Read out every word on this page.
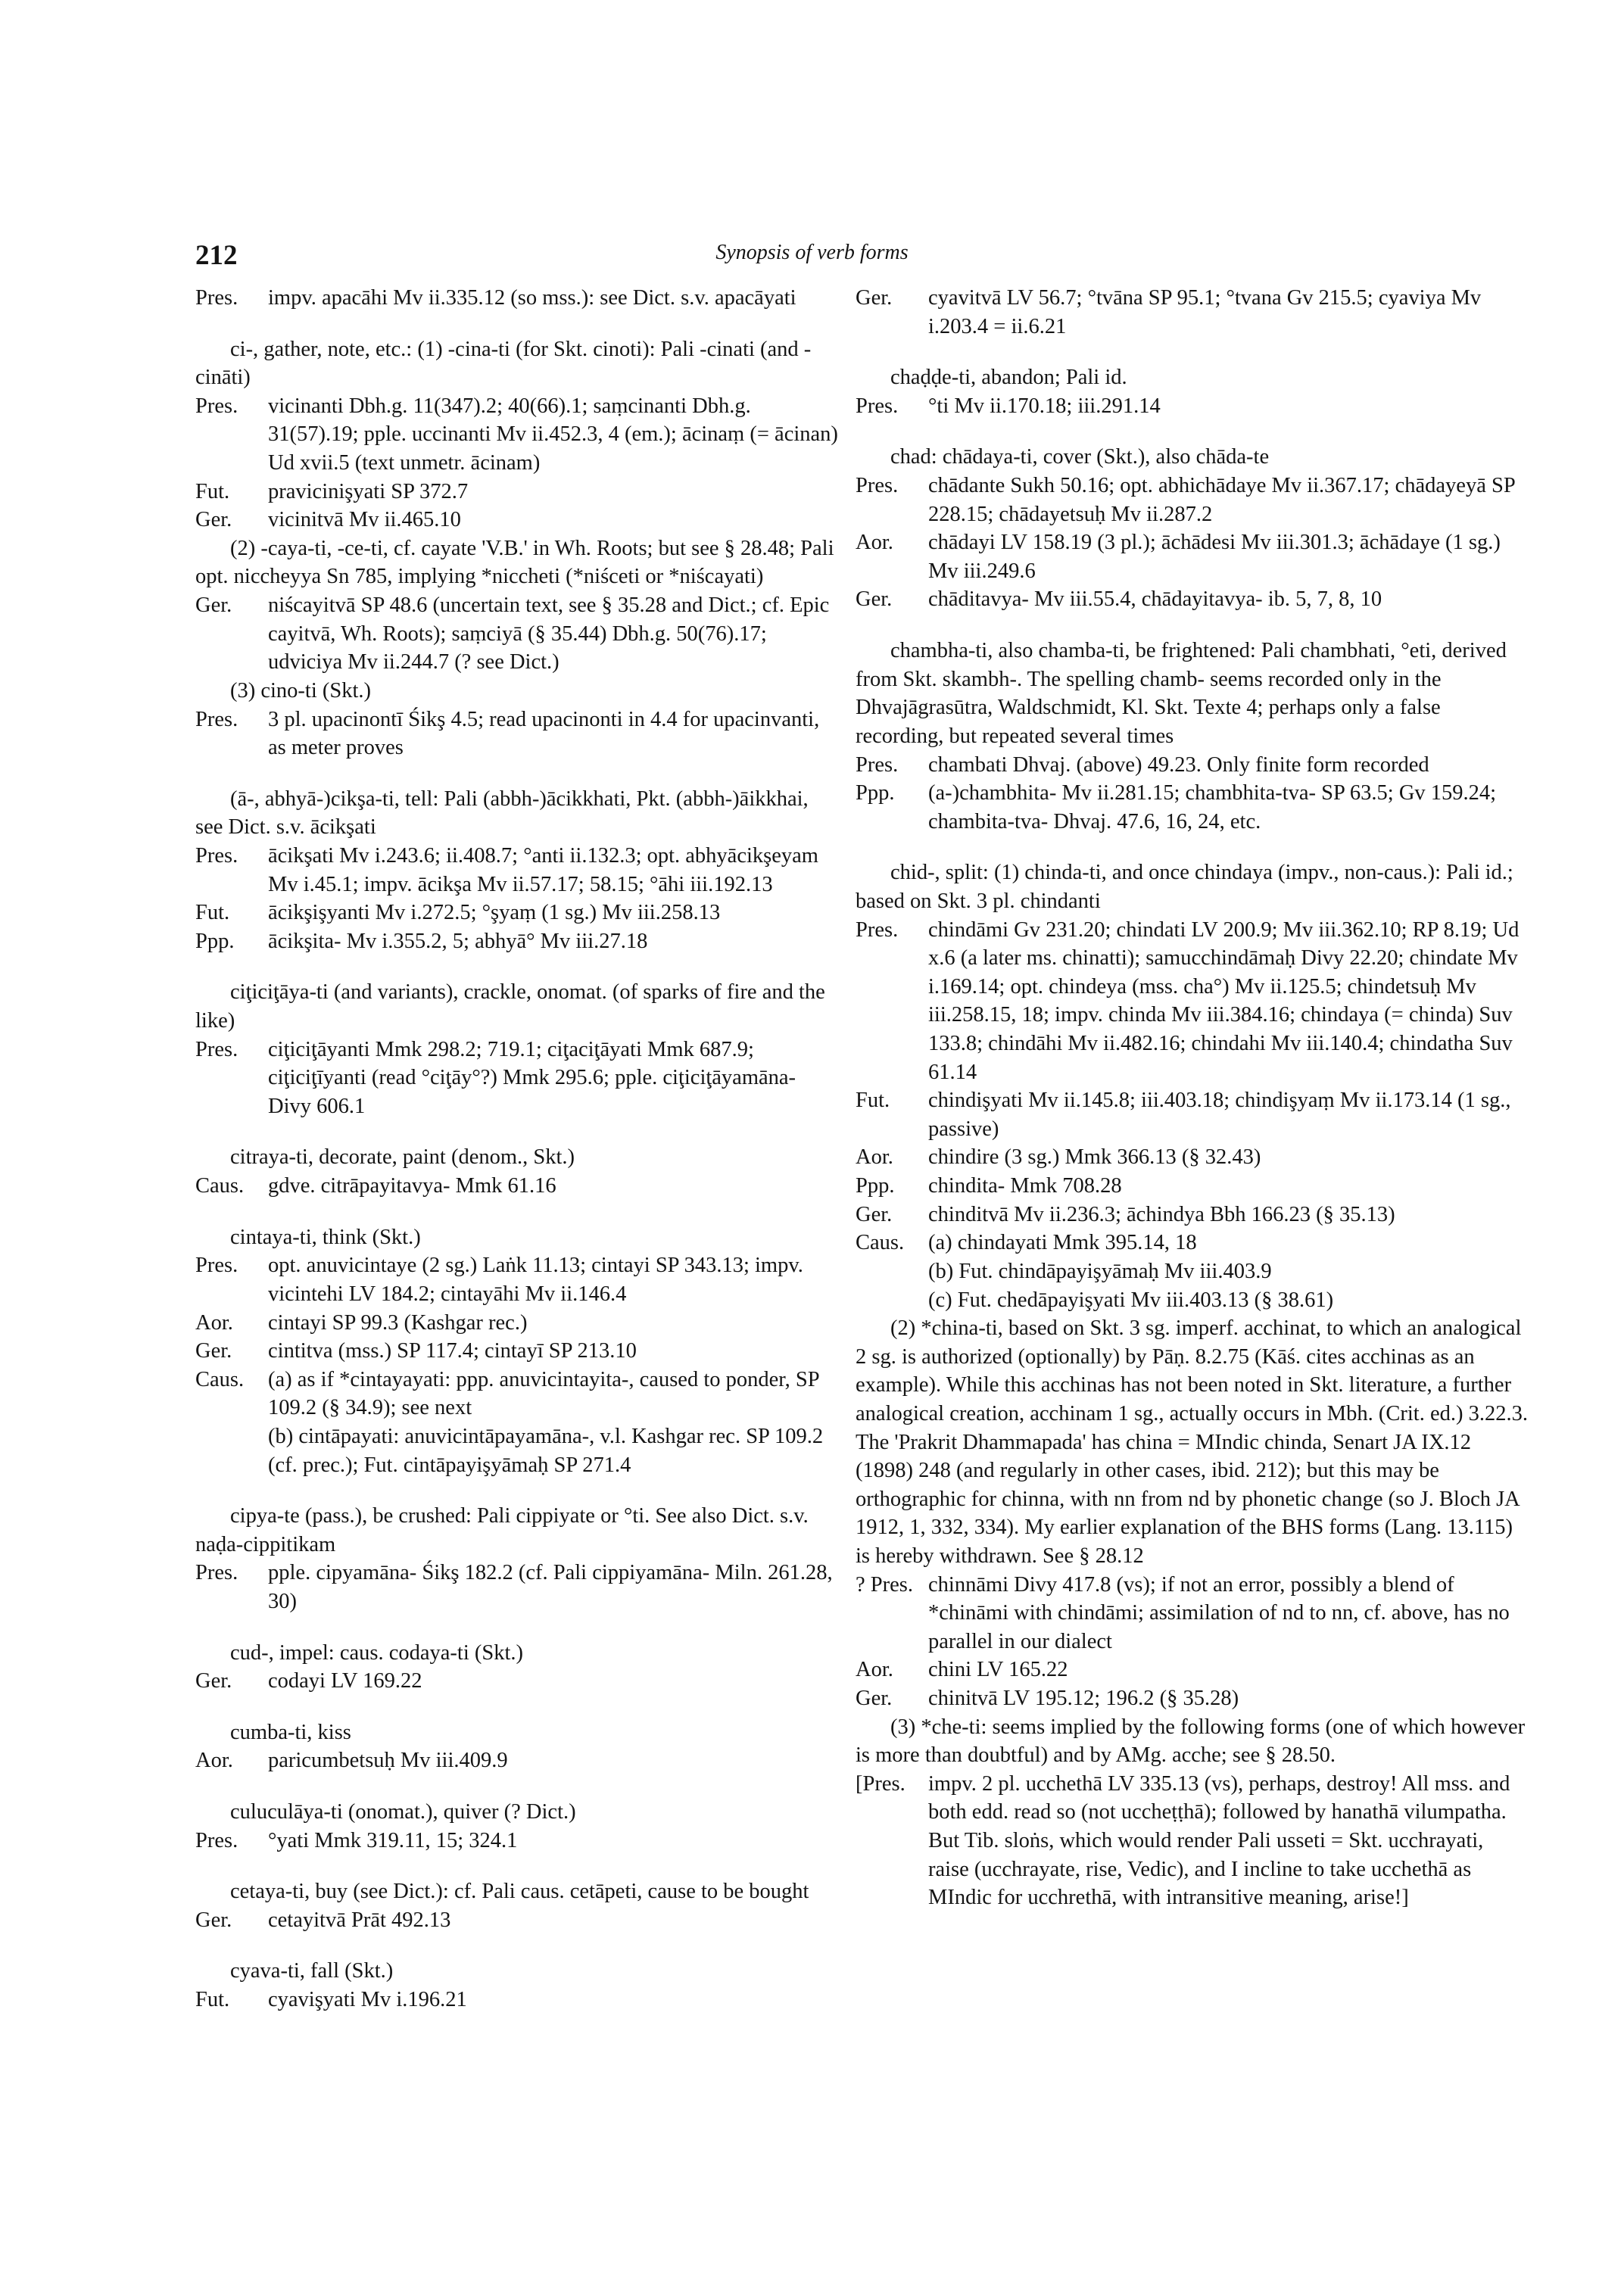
212	Synopsis of verb forms
Pres.	impv. apacāhi Mv ii.335.12 (so mss.): see Dict. s.v. apacāyati
ci-, gather, note, etc.: (1) -cina-ti (for Skt. cinoti): Pali -cinati (and -cināti)
Pres.	vicinanti Dbh.g. 11(347).2; 40(66).1; saṃcinanti Dbh.g. 31(57).19; pple. uccinanti Mv ii.452.3, 4 (em.); ācinaṃ (= ācinan) Ud xvii.5 (text unmetr. ācinam)
Fut.	pravicinişyati SP 372.7
Ger.	vicinitvā Mv ii.465.10
(2) -caya-ti, -ce-ti, cf. cayate 'V.B.' in Wh. Roots; but see § 28.48; Pali opt. niccheyya Sn 785, implying *niccheti (*niśceti or *niścayati)
Ger.	niścayitvā SP 48.6 (uncertain text, see § 35.28 and Dict.; cf. Epic cayitvā, Wh. Roots); saṃciyā (§ 35.44) Dbh.g. 50(76).17; udviciya Mv ii.244.7 (? see Dict.)
(3) cino-ti (Skt.)
Pres.	3 pl. upacinontī Śikş 4.5; read upacinonti in 4.4 for upacinvanti, as meter proves
(ā-, abhyā-)cikşa-ti, tell: Pali (abbh-)ācikkhati, Pkt. (abbh-)āikkhai, see Dict. s.v. ācikşati
Pres.	ācikşati Mv i.243.6; ii.408.7; °anti ii.132.3; opt. abhyācikşeyam Mv i.45.1; impv. ācikşa Mv ii.57.17; 58.15; °āhi iii.192.13
Fut.	ācikşişyanti Mv i.272.5; °şyaṃ (1 sg.) Mv iii.258.13
Ppp.	ācikşita- Mv i.355.2, 5; abhyā° Mv iii.27.18
ciţiciţāya-ti (and variants), crackle, onomat. (of sparks of fire and the like)
Pres.	ciţiciţāyanti Mmk 298.2; 719.1; ciţaciţāyati Mmk 687.9; ciţiciţīyanti (read °ciţāy°?) Mmk 295.6; pple. ciţiciţāyamāna- Divy 606.1
citraya-ti, decorate, paint (denom., Skt.)
Caus.	gdve. citrāpayitavya- Mmk 61.16
cintaya-ti, think (Skt.)
Pres.	opt. anuvicintaye (2 sg.) Laṅk 11.13; cintayi SP 343.13; impv. vicintehi LV 184.2; cintayāhi Mv ii.146.4
Aor.	cintayi SP 99.3 (Kashgar rec.)
Ger.	cintitva (mss.) SP 117.4; cintayī SP 213.10
Caus.	(a) as if *cintayayati: ppp. anuvicintayita-, caused to ponder, SP 109.2 (§ 34.9); see next
(b) cintāpayati: anuvicintāpayamāna-, v.l. Kashgar rec. SP 109.2 (cf. prec.); Fut. cintāpayişyāmaḥ SP 271.4
cipya-te (pass.), be crushed: Pali cippiyate or °ti. See also Dict. s.v. naḍa-cippitikam
Pres.	pple. cipyamāna- Śikş 182.2 (cf. Pali cippiyamāna- Miln. 261.28, 30)
cud-, impel: caus. codaya-ti (Skt.)
Ger.	codayi LV 169.22
cumba-ti, kiss
Aor.	paricumbetsuḥ Mv iii.409.9
culuculāya-ti (onomat.), quiver (? Dict.)
Pres.	°yati Mmk 319.11, 15; 324.1
cetaya-ti, buy (see Dict.): cf. Pali caus. cetāpeti, cause to be bought
Ger.	cetayitvā Prāt 492.13
cyava-ti, fall (Skt.)
Fut.	cyavişyati Mv i.196.21
Ger.	cyavitvā LV 56.7; °tvāna SP 95.1; °tvana Gv 215.5; cyaviya Mv i.203.4 = ii.6.21
chaḍḍe-ti, abandon; Pali id.
Pres.	°ti Mv ii.170.18; iii.291.14
chad: chādaya-ti, cover (Skt.), also chāda-te
Pres.	chādante Sukh 50.16; opt. abhichādaye Mv ii.367.17; chādayeyā SP 228.15; chādayetsuḥ Mv ii.287.2
Aor.	chādayi LV 158.19 (3 pl.); āchādesi Mv iii.301.3; āchādaye (1 sg.) Mv iii.249.6
Ger.	chāditavya- Mv iii.55.4, chādayitavya- ib. 5, 7, 8, 10
chambha-ti, also chamba-ti, be frightened: Pali chambhati, °eti, derived from Skt. skambh-. The spelling chamb- seems recorded only in the Dhvajāgrasūtra, Waldschmidt, Kl. Skt. Texte 4; perhaps only a false recording, but repeated several times
Pres.	chambati Dhvaj. (above) 49.23. Only finite form recorded
Ppp.	(a-)chambhita- Mv ii.281.15; chambhita-tva- SP 63.5; Gv 159.24; chambita-tva- Dhvaj. 47.6, 16, 24, etc.
chid-, split: (1) chinda-ti, and once chindaya (impv., non-caus.): Pali id.; based on Skt. 3 pl. chindanti
Pres.	chindāmi Gv 231.20; chindati LV 200.9; Mv iii.362.10; RP 8.19; Ud x.6 (a later ms. chinatti); samucchindāmaḥ Divy 22.20; chindate Mv i.169.14; opt. chindeya (mss. cha°) Mv ii.125.5; chindetsuḥ Mv iii.258.15, 18; impv. chinda Mv iii.384.16; chindaya (= chinda) Suv 133.8; chindāhi Mv ii.482.16; chindahi Mv iii.140.4; chindatha Suv 61.14
Fut.	chindişyati Mv ii.145.8; iii.403.18; chindişyaṃ Mv ii.173.14 (1 sg., passive)
Aor.	chindire (3 sg.) Mmk 366.13 (§ 32.43)
Ppp.	chindita- Mmk 708.28
Ger.	chinditvā Mv ii.236.3; āchindya Bbh 166.23 (§ 35.13)
Caus.	(a) chindayati Mmk 395.14, 18
(b) Fut. chindāpayişyāmaḥ Mv iii.403.9
(c) Fut. chedāpayişyati Mv iii.403.13 (§ 38.61)
(2) *china-ti, based on Skt. 3 sg. imperf. acchinat, to which an analogical 2 sg. is authorized (optionally) by Pāṇ. 8.2.75 (Kāś. cites acchinas as an example). While this acchinas has not been noted in Skt. literature, a further analogical creation, acchinam 1 sg., actually occurs in Mbh. (Crit. ed.) 3.22.3. The 'Prakrit Dhammapada' has china = MIndic chinda, Senart JA IX.12 (1898) 248 (and regularly in other cases, ibid. 212); but this may be orthographic for chinna, with nn from nd by phonetic change (so J. Bloch JA 1912, 1, 332, 334). My earlier explanation of the BHS forms (Lang. 13.115) is hereby withdrawn. See § 28.12
? Pres. chinnāmi Divy 417.8 (vs); if not an error, possibly a blend of *chināmi with chindāmi; assimilation of nd to nn, cf. above, has no parallel in our dialect
Aor.	chini LV 165.22
Ger.	chinitvā LV 195.12; 196.2 (§ 35.28)
(3) *che-ti: seems implied by the following forms (one of which however is more than doubtful) and by AMg. acche; see § 28.50.
[Pres.	impv. 2 pl. ucchethā LV 335.13 (vs), perhaps, destroy! All mss. and both edd. read so (not uccheṭṭhā); followed by hanathā vilumpatha. But Tib. sloṅs, which would render Pali usseti = Skt. ucchrayati, raise (ucchrayate, rise, Vedic), and I incline to take ucchethā as MIndic for ucchrethā, with intransitive meaning, arise!]
